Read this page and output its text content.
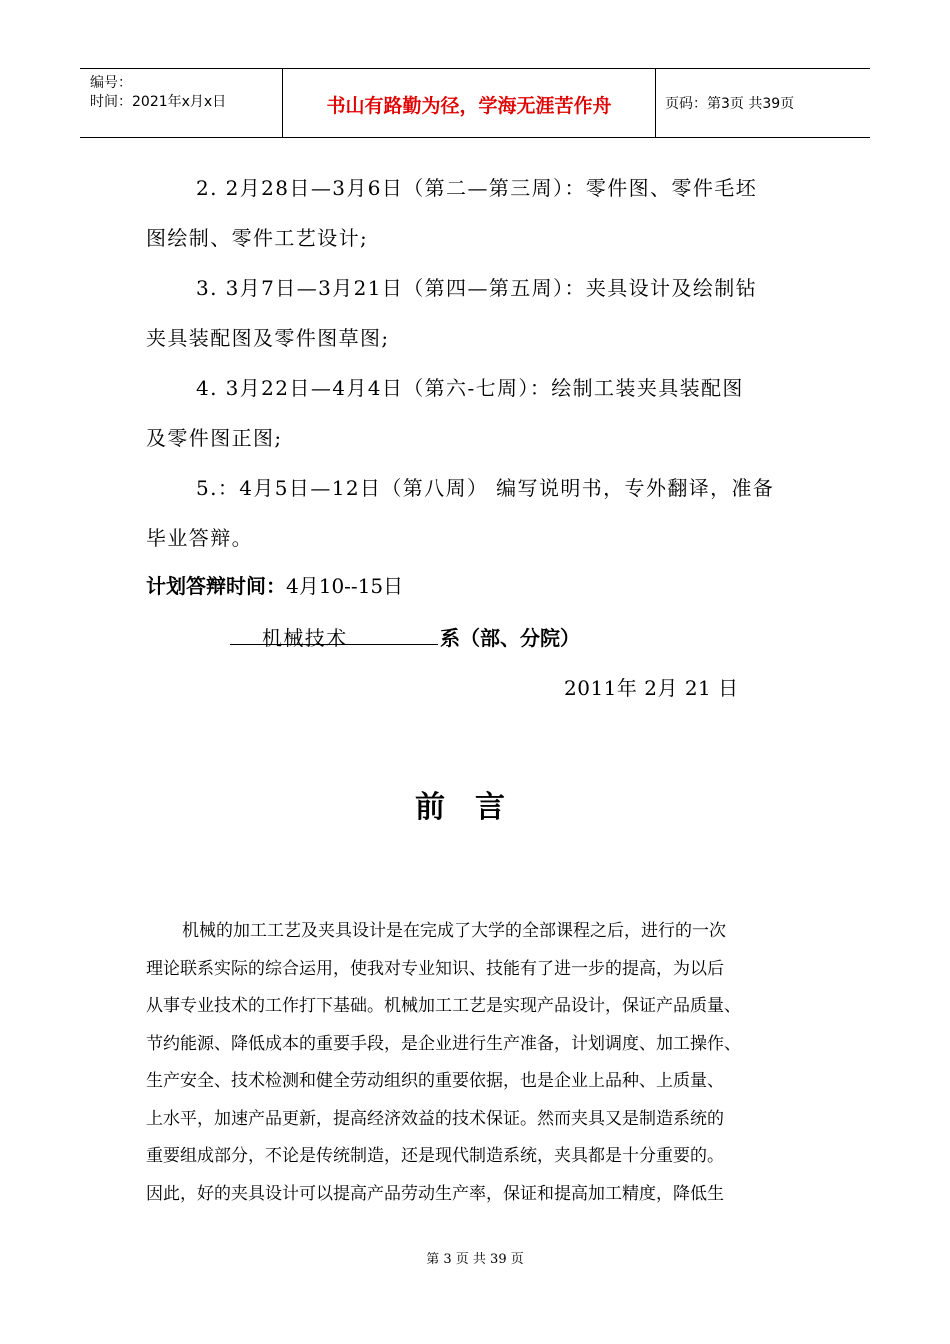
编号：
时间：2021年x月x日	书山有路勤为径，学海无涯苦作舟	页码：第3页 共39页
2. 2月28日—3月6日（第二—第三周）：零件图、零件毛坯
图绘制、零件工艺设计;
3. 3月7日—3月21日（第四—第五周）：夹具设计及绘制钻
夹具装配图及零件图草图;
4. 3月22日—4月4日（第六-七周）：绘制工装夹具装配图
及零件图正图;
5.：4月5日—12日（第八周） 编写说明书，专外翻译，准备
毕业答辩。
计划答辩时间：4月10--15日
机械技术	系（部、分院）
2011年 2月 21 日
前言
机械的加工工艺及夹具设计是在完成了大学的全部课程之后，进行的一次
理论联系实际的综合运用，使我对专业知识、技能有了进一步的提高，为以后
从事专业技术的工作打下基础。机械加工工艺是实现产品设计，保证产品质量、
节约能源、降低成本的重要手段，是企业进行生产准备，计划调度、加工操作、
生产安全、技术检测和健全劳动组织的重要依据，也是企业上品种、上质量、
上水平，加速产品更新，提高经济效益的技术保证。然而夹具又是制造系统的
重要组成部分，不论是传统制造，还是现代制造系统，夹具都是十分重要的。
因此，好的夹具设计可以提高产品劳动生产率，保证和提高加工精度，降低生
第 3 页 共 39 页
